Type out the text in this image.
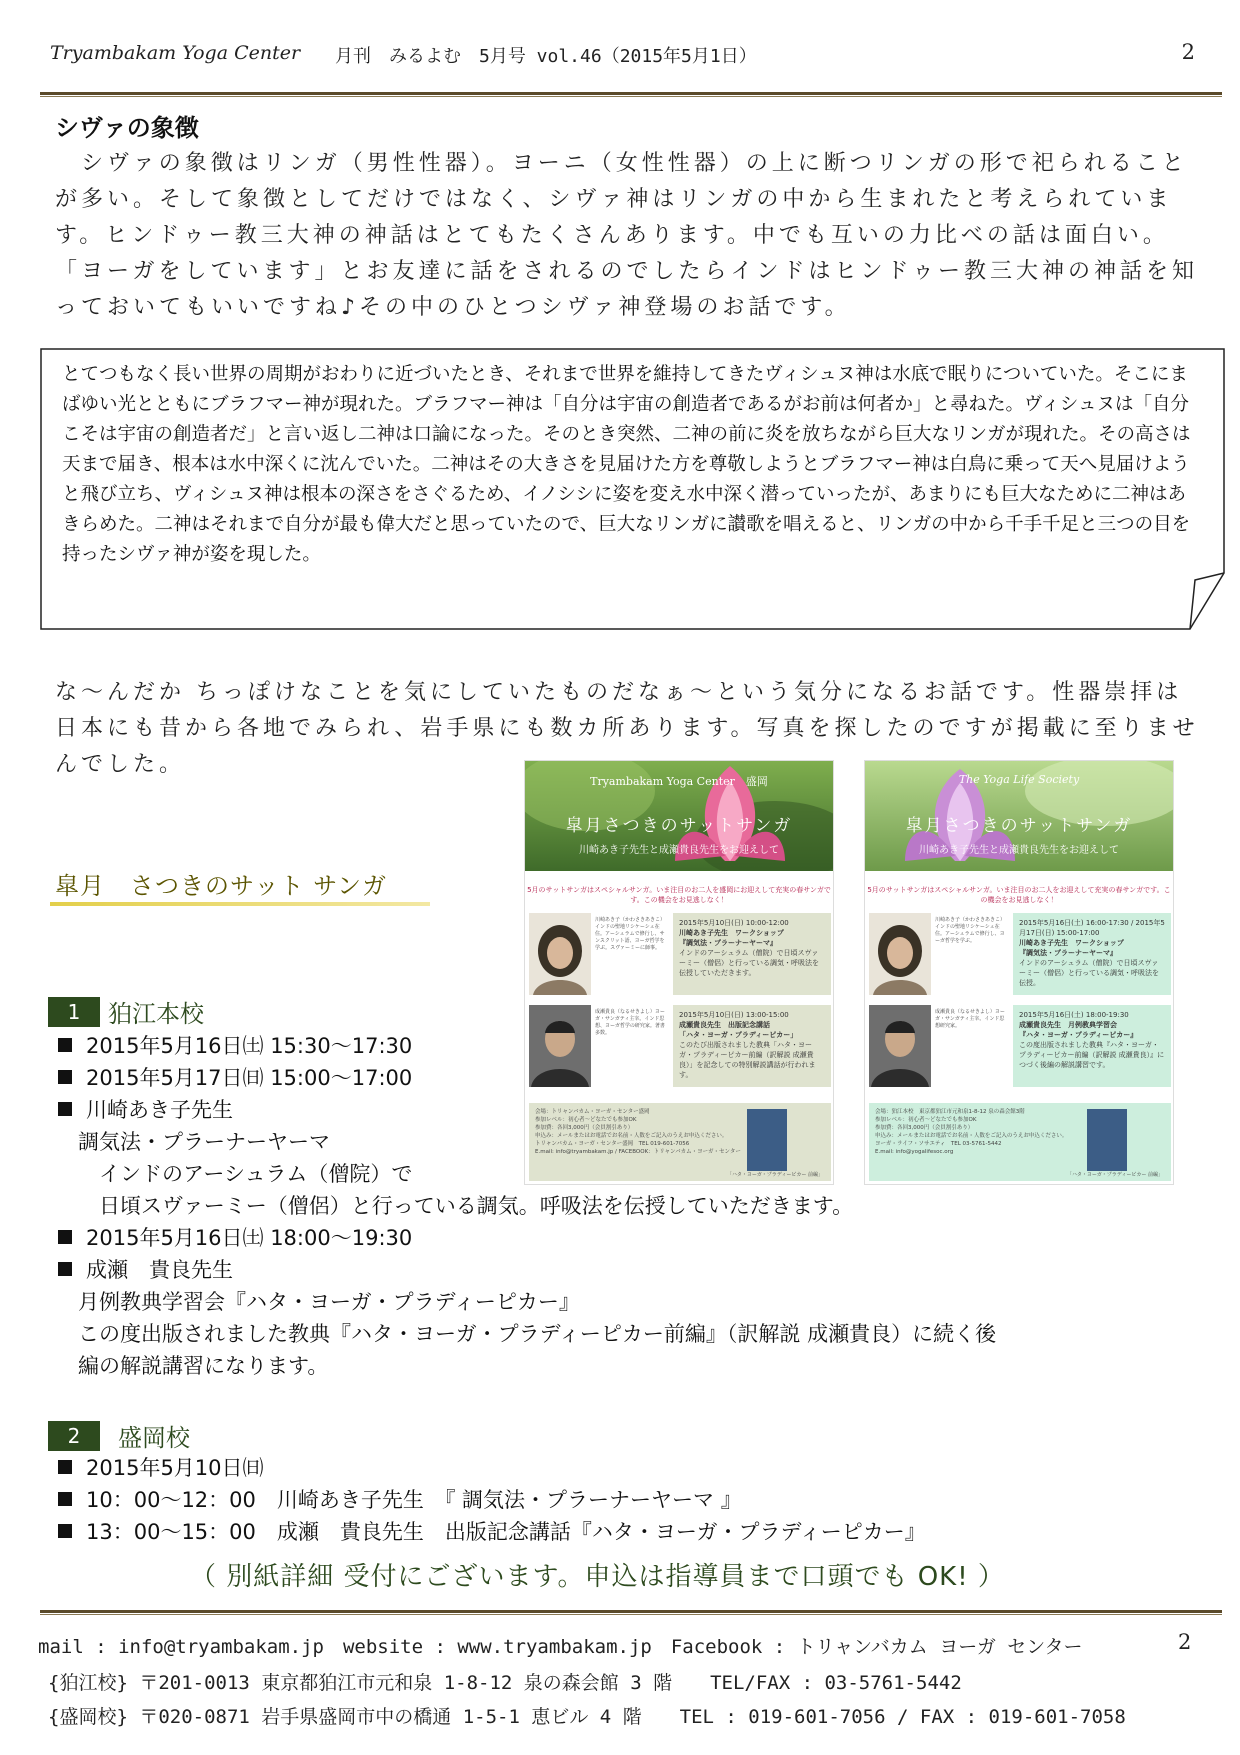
Tryambakam Yoga Center 月刊　みるよむ　5月号 vol.46（2015年5月1日）	2
シヴァの象徴
　シヴァの象徴はリンガ（男性性器）。ヨーニ（女性性器）の上に断つリンガの形で祀られることが多い。そして象徴としてだけではなく、シヴァ神はリンガの中から生まれたと考えられています。ヒンドゥー教三大神の神話はとてもたくさんあります。中でも互いの力比べの話は面白い。「ヨーガをしています」とお友達に話をされるのでしたらインドはヒンドゥー教三大神の神話を知っておいてもいいですね♪その中のひとつシヴァ神登場のお話です。
とてつもなく長い世界の周期がおわりに近づいたとき、それまで世界を維持してきたヴィシュヌ神は水底で眠りについていた。そこにまばゆい光とともにブラフマー神が現れた。ブラフマー神は「自分は宇宙の創造者であるがお前は何者か」と尋ねた。ヴィシュヌは「自分こそは宇宙の創造者だ」と言い返し二神は口論になった。そのとき突然、二神の前に炎を放ちながら巨大なリンガが現れた。その高さは天まで届き、根本は水中深くに沈んでいた。二神はその大きさを見届けた方を尊敬しようとブラフマー神は白鳥に乗って天へ見届けようと飛び立ち、ヴィシュヌ神は根本の深さをさぐるため、イノシシに姿を変え水中深く潜っていったが、あまりにも巨大なために二神はあきらめた。二神はそれまで自分が最も偉大だと思っていたので、巨大なリンガに讃歌を唱えると、リンガの中から千手千足と三つの目を持ったシヴァ神が姿を現した。
な～んだか ちっぽけなことを気にしていたものだなぁ～という気分になるお話です。性器崇拝は日本にも昔から各地でみられ、岩手県にも数カ所あります。写真を探したのですが掲載に至りませんでした。
皐月　さつきのサット サンガ
1	狛江本校
2015年5月16日㈯ 15:30～17:30
2015年5月17日㈰ 15:00～17:00
川崎あき子先生
調気法・プラーナーヤーマ
　インドのアーシュラム（僧院）で
　日頃スヴァーミー（僧侶）と行っている調気。呼吸法を伝授していただきます。
2015年5月16日㈯ 18:00～19:30
成瀬　貴良先生
月例教典学習会『ハタ・ヨーガ・プラディーピカー』
この度出版されました教典『ハタ・ヨーガ・プラディーピカー前編』（訳解説 成瀬貴良）に続く後
編の解説講習になります。
2	盛岡校
2015年5月10日㈰
10：00～12：00　川崎あき子先生　『 調気法・プラーナーヤーマ 』
13：00～15：00　成瀬　貴良先生　出版記念講話『ハタ・ヨーガ・プラディーピカー』
（ 別紙詳細 受付にございます。申込は指導員まで口頭でも OK! ）
Tryambakam Yoga Center　盛岡
皐月さつきのサットサンガ
川崎あき子先生と成瀬貴良先生をお迎えして
5月のサットサンガはスペシャルサンガ。いま注目のお二人を盛岡にお迎えして充実の春サンガです。この機会をお見逃しなく！
川崎あき子（かわさきあきこ）インドの聖地リシケーシュ在住。アーシュラムで修行し、サンスクリット語、ヨーガ哲学を学ぶ。スヴァーミーに師事。
2015年5月10日(日) 10:00-12:00
川崎あき子先生　ワークショップ
『調気法・プラーナーヤーマ』
インドのアーシュラム（僧院）で日頃スヴァーミー（僧侶）と行っている調気・呼吸法を伝授していただきます。
成瀬貴良（なるせきよし）ヨーガ・サンガティ主宰。インド思想、ヨーガ哲学の研究家。著書多数。
2015年5月10日(日) 13:00-15:00
成瀬貴良先生　出版記念講話
「ハタ・ヨーガ・プラディーピカー」
このたび出版されました教典「ハタ・ヨーガ・プラディーピカー前編（訳解説 成瀬貴良）」を記念しての特別解説講話が行われます。
会場：トリャンバカム・ヨーガ・センター盛岡
参加レベル：初心者～どなたでも参加OK
参加費：各回3,000円（会員割引あり）
申込み：メールまたはお電話でお名前・人数をご記入のうえお申込ください。
トリャンバカム・ヨーガ・センター盛岡　TEL 019-601-7056
E.mail: info@tryambakam.jp / FACEBOOK：トリャンバカム・ヨーガ・センター
「ハタ・ヨーガ・プラディーピカー 前編」
The Yoga Life Society
皐月さつきのサットサンガ
川崎あき子先生と成瀬貴良先生をお迎えして
5月のサットサンガはスペシャルサンガ。いま注目のお二人をお迎えして充実の春サンガです。この機会をお見逃しなく！
川崎あき子（かわさきあきこ）インドの聖地リシケーシュ在住。アーシュラムで修行し、ヨーガ哲学を学ぶ。
2015年5月16日(土) 16:00-17:30 / 2015年5月17日(日) 15:00-17:00
川崎あき子先生　ワークショップ
『調気法・プラーナーヤーマ』
インドのアーシュラム（僧院）で日頃スヴァーミー（僧侶）と行っている調気・呼吸法を伝授。
成瀬貴良（なるせきよし）ヨーガ・サンガティ主宰。インド思想研究家。
2015年5月16日(土) 18:00-19:30
成瀬貴良先生　月例教典学習会
『ハタ・ヨーガ・プラディーピカー』
この度出版されました教典『ハタ・ヨーガ・プラディーピカー前編（訳解説 成瀬貴良）』につづく後編の解説講習です。
会場：狛江本校　東京都狛江市元和泉1-8-12 泉の森会館3階
参加レベル：初心者～どなたでも参加OK
参加費：各回3,000円（会員割引あり）
申込み：メールまたはお電話でお名前・人数をご記入のうえお申込ください。
ヨーガ・ライフ・ソサエティ　TEL 03-5761-5442
E.mail: info@yogalifesoc.org
「ハタ・ヨーガ・プラディーピカー 前編」
mail : info@tryambakam.jp　website : www.tryambakam.jp　Facebook : トリャンバカム ヨーガ センター	2
{狛江校} 〒201-0013 東京都狛江市元和泉 1-8-12 泉の森会館 3 階　　TEL/FAX : 03-5761-5442
{盛岡校} 〒020-0871 岩手県盛岡市中の橋通 1-5-1 恵ビル 4 階　　TEL : 019-601-7056 / FAX : 019-601-7058
